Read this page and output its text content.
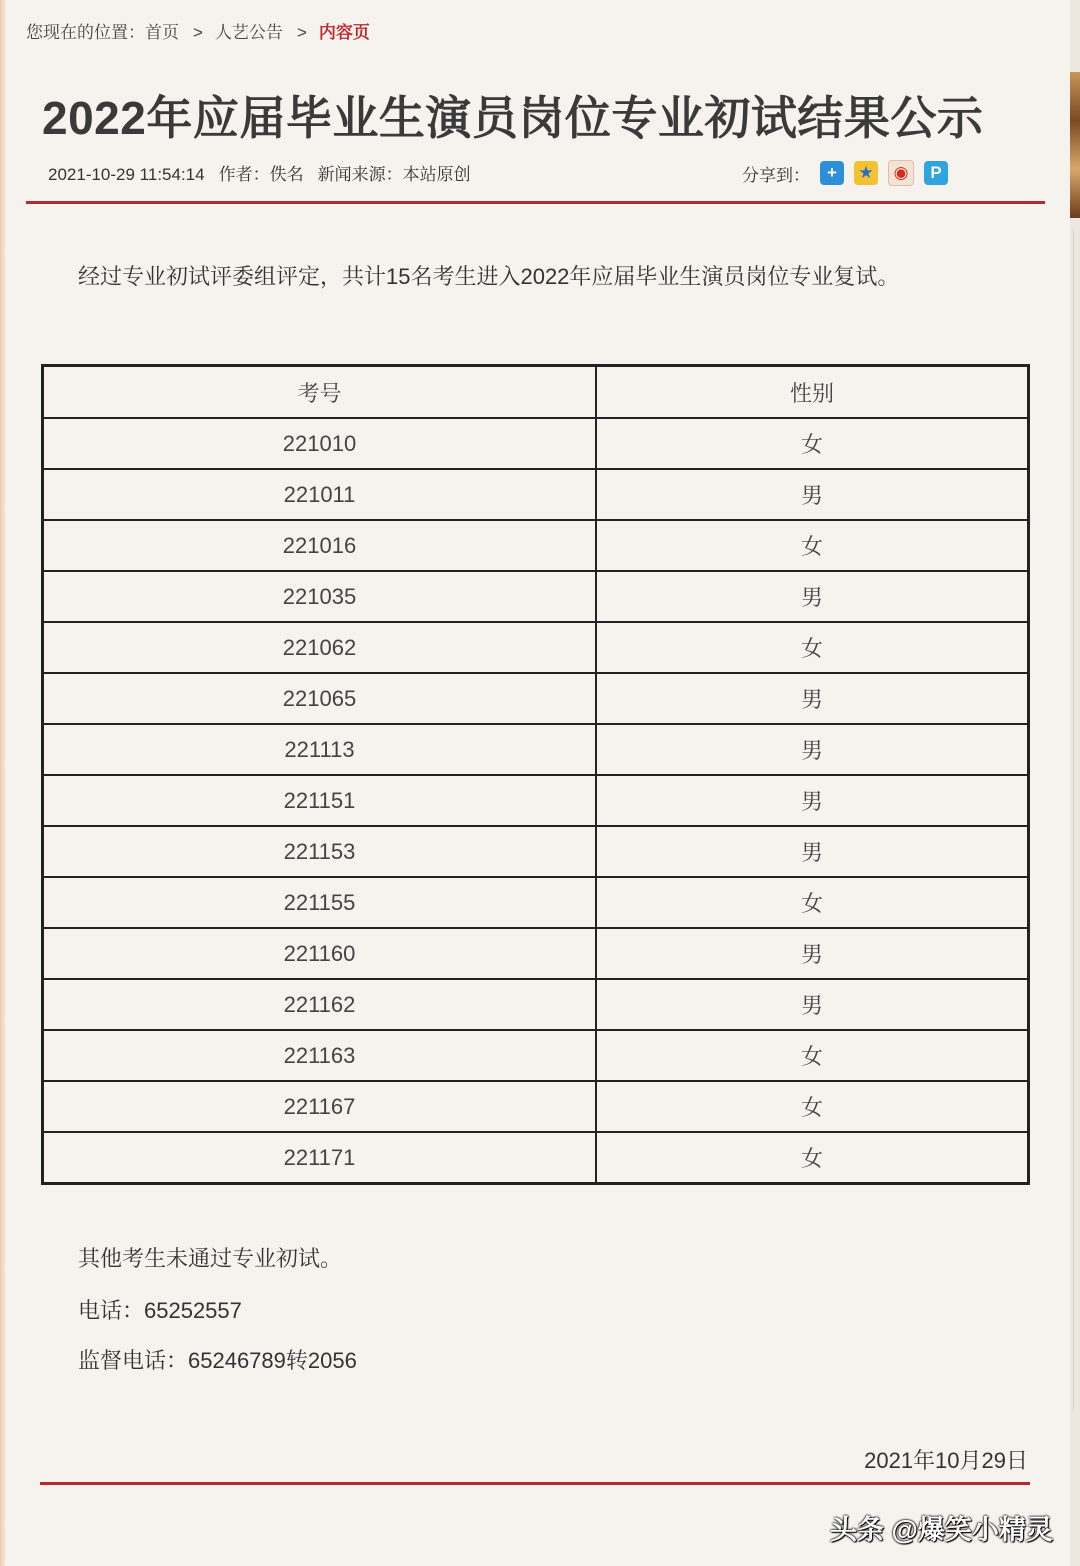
您现在的位置：首页 > 人艺公告 > 内容页
2022年应届毕业生演员岗位专业初试结果公示
2021-10-29 11:54:14 作者：佚名 新闻来源：本站原创	分享到：	+	★	◉	P
经过专业初试评委组评定，共计15名考生进入2022年应届毕业生演员岗位专业复试。
考号	性别
221010	女
221011	男
221016	女
221035	男
221062	女
221065	男
221113	男
221151	男
221153	男
221155	女
221160	男
221162	男
221163	女
221167	女
221171	女
其他考生未通过专业初试。
电话：65252557
监督电话：65246789转2056
2021年10月29日
头条 @爆笑小精灵
